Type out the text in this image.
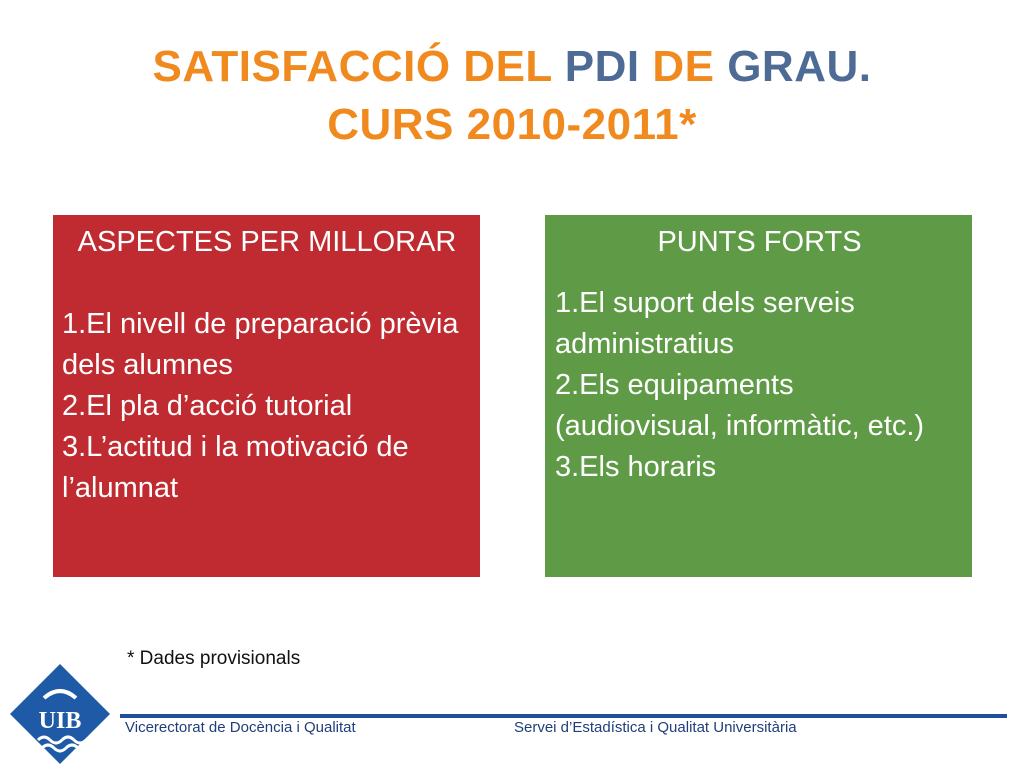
SATISFACCIÓ DEL PDI DE GRAU.
CURS 2010-2011*
ASPECTES PER MILLORAR
1.El nivell de preparació prèvia dels alumnes
2.El pla d’acció tutorial
3.L’actitud i la motivació de l’alumnat
PUNTS FORTS
1.El suport dels serveis administratius
2.Els equipaments (audiovisual, informàtic, etc.)
3.Els horaris
* Dades provisionals
UIB	Vicerectorat de Docència i Qualitat	Servei d’Estadística i Qualitat Universitària
